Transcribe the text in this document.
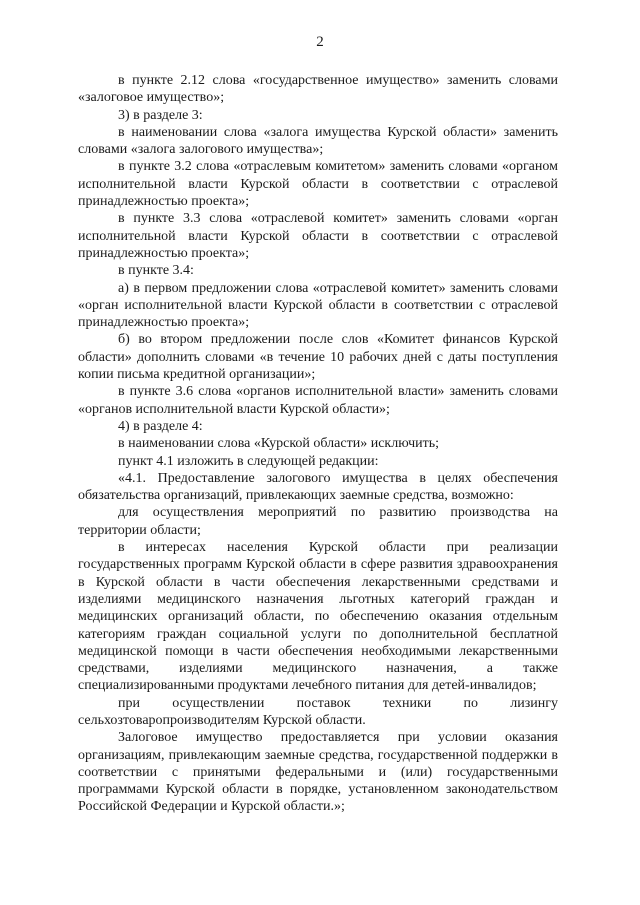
2

в пункте 2.12 слова «государственное имущество» заменить словами «залоговое имущество»;

3) в разделе 3:

в наименовании слова «залога имущества Курской области» заменить словами «залога залогового имущества»;

в пункте 3.2 слова «отраслевым комитетом» заменить словами «органом исполнительной власти Курской области в соответствии с отраслевой принадлежностью проекта»;

в пункте 3.3 слова «отраслевой комитет» заменить словами «орган исполнительной власти Курской области в соответствии с отраслевой принадлежностью проекта»;

в пункте 3.4:

а) в первом предложении слова «отраслевой комитет» заменить словами «орган исполнительной власти Курской области в соответствии с отраслевой принадлежностью проекта»;

б) во втором предложении после слов «Комитет финансов Курской области» дополнить словами «в течение 10 рабочих дней с даты поступления копии письма кредитной организации»;

в пункте 3.6 слова «органов исполнительной власти» заменить словами «органов исполнительной власти Курской области»;

4) в разделе 4:

в наименовании слова «Курской области» исключить;

пункт 4.1 изложить в следующей редакции:

«4.1. Предоставление залогового имущества в целях обеспечения обязательства организаций, привлекающих заемные средства, возможно:

для осуществления мероприятий по развитию производства на территории области;

в интересах населения Курской области при реализации государственных программ Курской области в сфере развития здравоохранения в Курской области в части обеспечения лекарственными средствами и изделиями медицинского назначения льготных категорий граждан и медицинских организаций области, по обеспечению оказания отдельным категориям граждан социальной услуги по дополнительной бесплатной медицинской помощи в части обеспечения необходимыми лекарственными средствами, изделиями медицинского назначения, а также специализированными продуктами лечебного питания для детей-инвалидов;

при осуществлении поставок техники по лизингу сельхозтоваропроизводителям Курской области.

Залоговое имущество предоставляется при условии оказания организациям, привлекающим заемные средства, государственной поддержки в соответствии с принятыми федеральными и (или) государственными программами Курской области в порядке, установленном законодательством Российской Федерации и Курской области.»;
